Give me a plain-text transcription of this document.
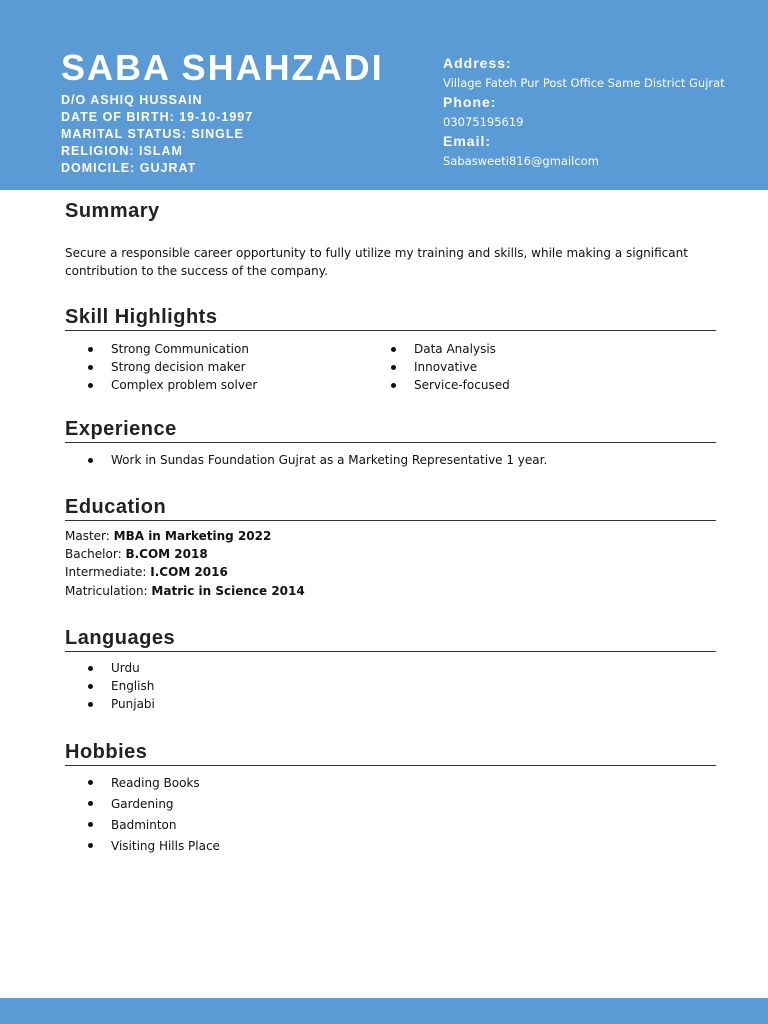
SABA SHAHZADI
D/O ASHIQ HUSSAIN
DATE OF BIRTH: 19-10-1997
MARITAL STATUS: SINGLE
RELIGION: ISLAM
DOMICILE: GUJRAT
Address:
Village Fateh Pur Post Office Same District Gujrat
Phone:
03075195619
Email:
Sabasweeti816@gmailcom
Summary
Secure a responsible career opportunity to fully utilize my training and skills, while making a significant contribution to the success of the company.
Skill Highlights
Strong Communication
Strong decision maker
Complex problem solver
Data Analysis
Innovative
Service-focused
Experience
Work in Sundas Foundation Gujrat as a Marketing Representative 1 year.
Education
Master: MBA in Marketing 2022
Bachelor: B.COM 2018
Intermediate: I.COM 2016
Matriculation: Matric in Science 2014
Languages
Urdu
English
Punjabi
Hobbies
Reading Books
Gardening
Badminton
Visiting Hills Place
